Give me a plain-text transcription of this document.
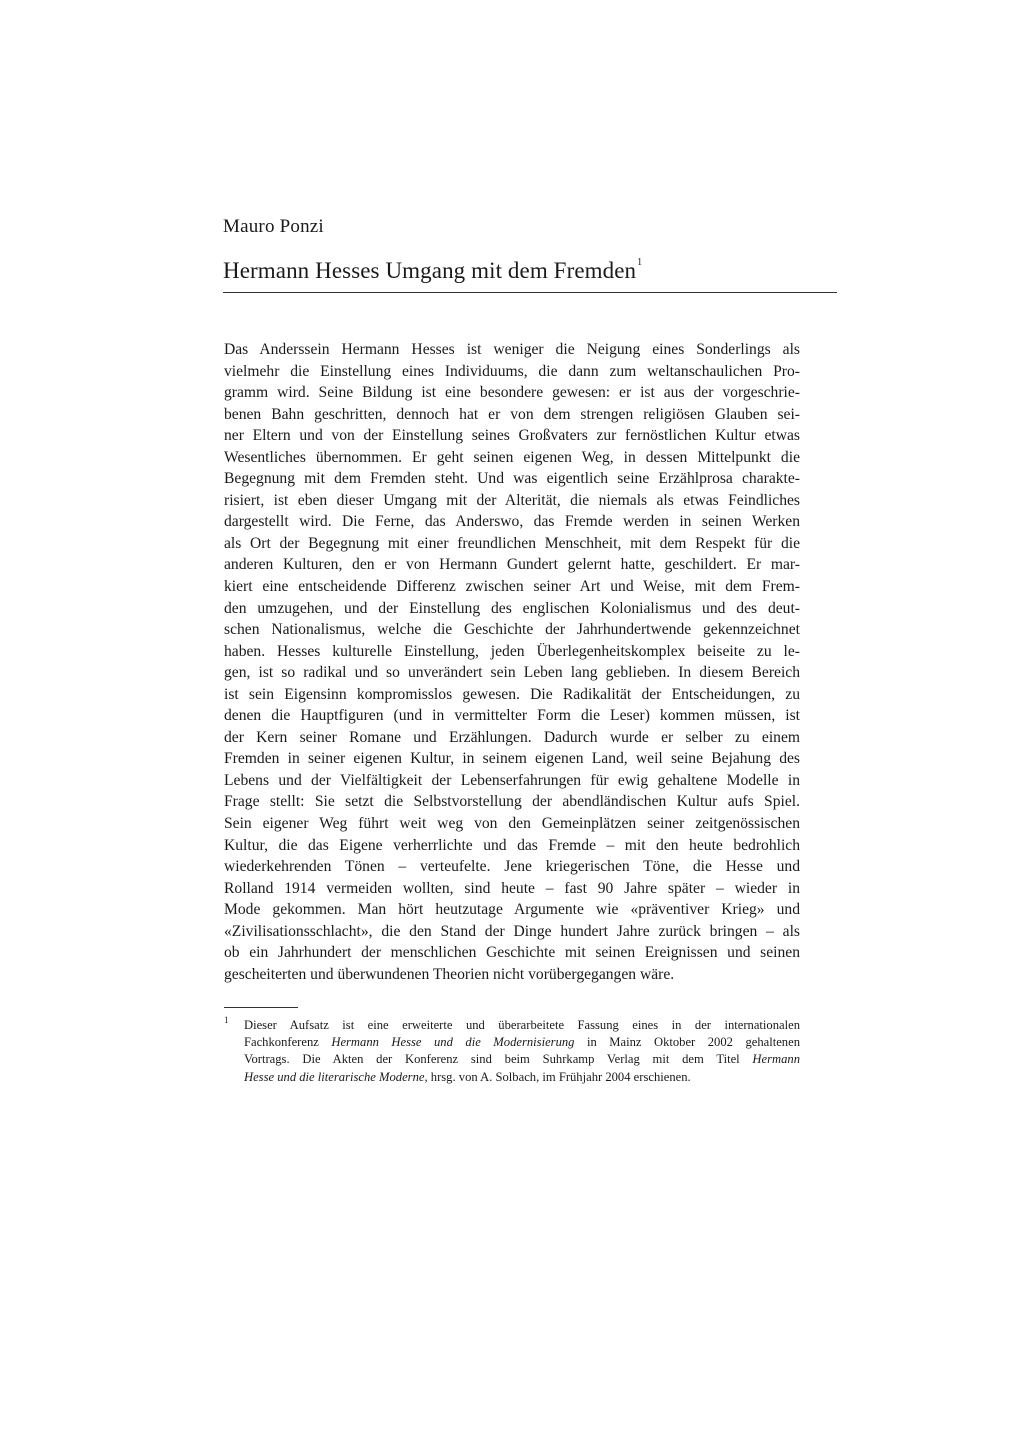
Mauro Ponzi
Hermann Hesses Umgang mit dem Fremden$^1$
Das Anderssein Hermann Hesses ist weniger die Neigung eines Sonderlings als
vielmehr die Einstellung eines Individuums, die dann zum weltanschaulichen Pro-
gramm wird. Seine Bildung ist eine besondere gewesen: er ist aus der vorgeschrie-
benen Bahn geschritten, dennoch hat er von dem strengen religiösen Glauben sei-
ner Eltern und von der Einstellung seines Großvaters zur fernöstlichen Kultur etwas
Wesentliches übernommen. Er geht seinen eigenen Weg, in dessen Mittelpunkt die
Begegnung mit dem Fremden steht. Und was eigentlich seine Erzählprosa charakte-
risiert, ist eben dieser Umgang mit der Alterität, die niemals als etwas Feindliches
dargestellt wird. Die Ferne, das Anderswo, das Fremde werden in seinen Werken
als Ort der Begegnung mit einer freundlichen Menschheit, mit dem Respekt für die
anderen Kulturen, den er von Hermann Gundert gelernt hatte, geschildert. Er mar-
kiert eine entscheidende Differenz zwischen seiner Art und Weise, mit dem Frem-
den umzugehen, und der Einstellung des englischen Kolonialismus und des deut-
schen Nationalismus, welche die Geschichte der Jahrhundertwende gekennzeichnet
haben. Hesses kulturelle Einstellung, jeden Überlegenheitskomplex beiseite zu le-
gen, ist so radikal und so unverändert sein Leben lang geblieben. In diesem Bereich
ist sein Eigensinn kompromisslos gewesen. Die Radikalität der Entscheidungen, zu
denen die Hauptfiguren (und in vermittelter Form die Leser) kommen müssen, ist
der Kern seiner Romane und Erzählungen. Dadurch wurde er selber zu einem
Fremden in seiner eigenen Kultur, in seinem eigenen Land, weil seine Bejahung des
Lebens und der Vielfältigkeit der Lebenserfahrungen für ewig gehaltene Modelle in
Frage stellt: Sie setzt die Selbstvorstellung der abendländischen Kultur aufs Spiel.
Sein eigener Weg führt weit weg von den Gemeinplätzen seiner zeitgenössischen
Kultur, die das Eigene verherrlichte und das Fremde – mit den heute bedrohlich
wiederkehrenden Tönen – verteufelte. Jene kriegerischen Töne, die Hesse und
Rolland 1914 vermeiden wollten, sind heute – fast 90 Jahre später – wieder in
Mode gekommen. Man hört heutzutage Argumente wie «präventiver Krieg» und
«Zivilisationsschlacht», die den Stand der Dinge hundert Jahre zurück bringen – als
ob ein Jahrhundert der menschlichen Geschichte mit seinen Ereignissen und seinen
gescheiterten und überwundenen Theorien nicht vorübergegangen wäre.
1 Dieser Aufsatz ist eine erweiterte und überarbeitete Fassung eines in der internationalen
Fachkonferenz Hermann Hesse und die Modernisierung in Mainz Oktober 2002 gehaltenen
Vortrags. Die Akten der Konferenz sind beim Suhrkamp Verlag mit dem Titel Hermann
Hesse und die literarische Moderne, hrsg. von A. Solbach, im Frühjahr 2004 erschienen.
